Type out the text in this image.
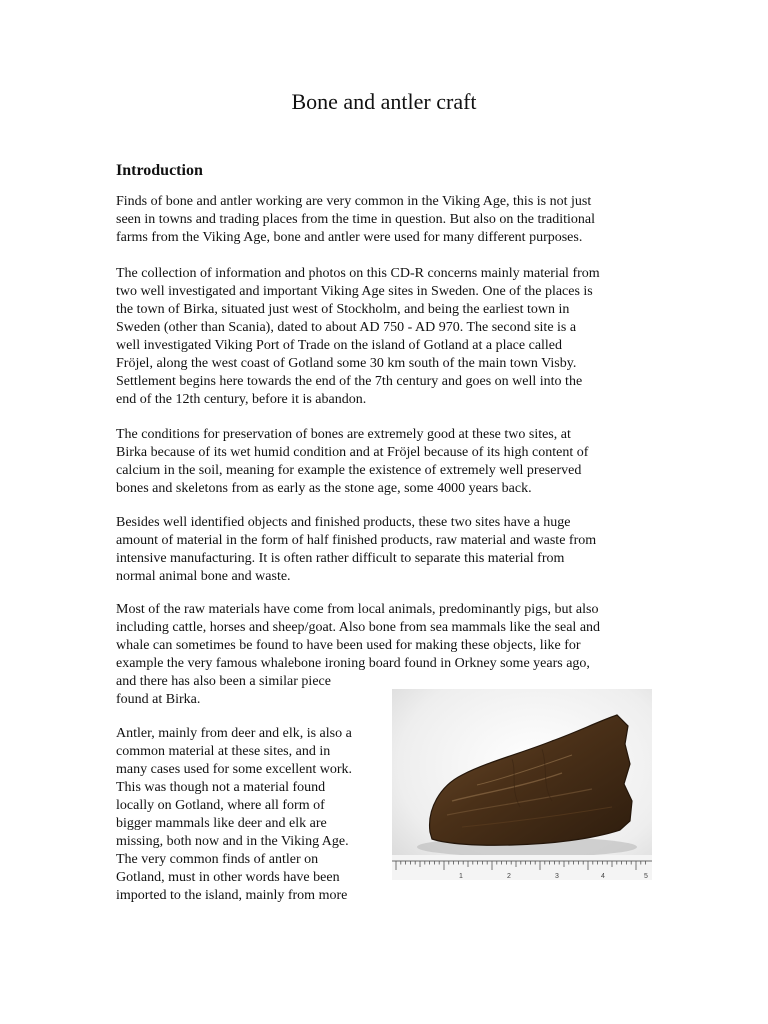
Bone and antler craft
Introduction

Finds of bone and antler working are very common in the Viking Age, this is not just
seen in towns and trading places from the time in question. But also on the traditional
farms from the Viking Age, bone and antler were used for many different purposes.

The collection of information and photos on this CD-R concerns mainly material from
two well investigated and important Viking Age sites in Sweden. One of the places is
the town of Birka, situated just west of Stockholm, and being the earliest town in
Sweden (other than Scania), dated to about AD 750 - AD 970. The second site is a
well investigated Viking Port of Trade on the island of Gotland at a place called
Fröjel, along the west coast of Gotland some 30 km south of the main town Visby.
Settlement begins here towards the end of the 7th century and goes on well into the
end of the 12th century, before it is abandon.

The conditions for preservation of bones are extremely good at these two sites, at
Birka because of its wet humid condition and at Fröjel because of its high content of
calcium in the soil, meaning for example the existence of extremely well preserved
bones and skeletons from as early as the stone age, some 4000 years back.

Besides well identified objects and finished products, these two sites have a huge
amount of material in the form of half finished products, raw material and waste from
intensive manufacturing. It is often rather difficult to separate this material from
normal animal bone and waste.

Most of the raw materials have come from local animals, predominantly pigs, but also
including cattle, horses and sheep/goat. Also bone from sea mammals like the seal and
whale can sometimes be found to have been used for making these objects, like for
example the very famous whalebone ironing board found in Orkney some years ago,
and there has also been a similar piece
found at Birka.

Antler, mainly from deer and elk, is also a
common material at these sites, and in
many cases used for some excellent work.
This was though not a material found
locally on Gotland, where all form of
bigger mammals like deer and elk are
missing, both now and in the Viking Age.
The very common finds of antler on
Gotland, must in other words have been
imported to the island, mainly from more

1	2	3	4	5
